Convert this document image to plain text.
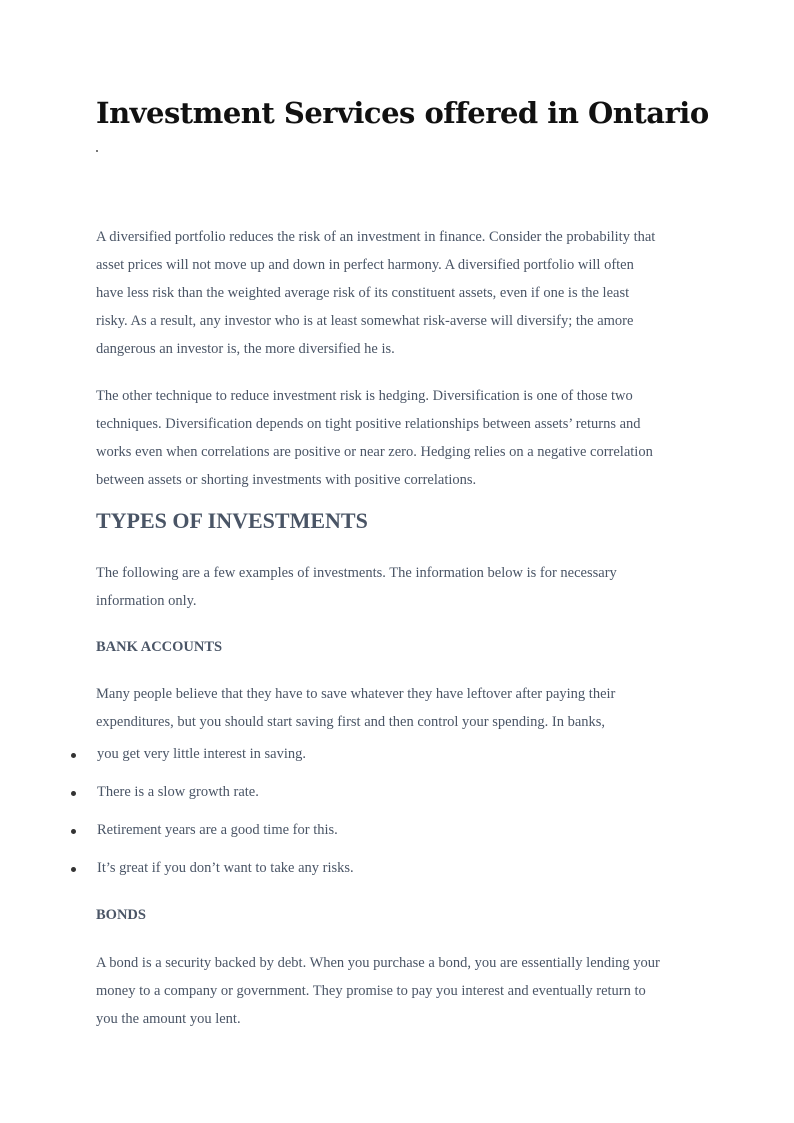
Investment Services offered in Ontario

A diversified portfolio reduces the risk of an investment in finance. Consider the probability that
asset prices will not move up and down in perfect harmony. A diversified portfolio will often
have less risk than the weighted average risk of its constituent assets, even if one is the least
risky. As a result, any investor who is at least somewhat risk-averse will diversify; the amore
dangerous an investor is, the more diversified he is.

The other technique to reduce investment risk is hedging. Diversification is one of those two
techniques. Diversification depends on tight positive relationships between assets’ returns and
works even when correlations are positive or near zero. Hedging relies on a negative correlation
between assets or shorting investments with positive correlations.

TYPES OF INVESTMENTS

The following are a few examples of investments. The information below is for necessary
information only.

BANK ACCOUNTS

Many people believe that they have to save whatever they have leftover after paying their
expenditures, but you should start saving first and then control your spending. In banks,

you get very little interest in saving.
There is a slow growth rate.
Retirement years are a good time for this.
It’s great if you don’t want to take any risks.
BONDS

A bond is a security backed by debt. When you purchase a bond, you are essentially lending your
money to a company or government. They promise to pay you interest and eventually return to
you the amount you lent.
